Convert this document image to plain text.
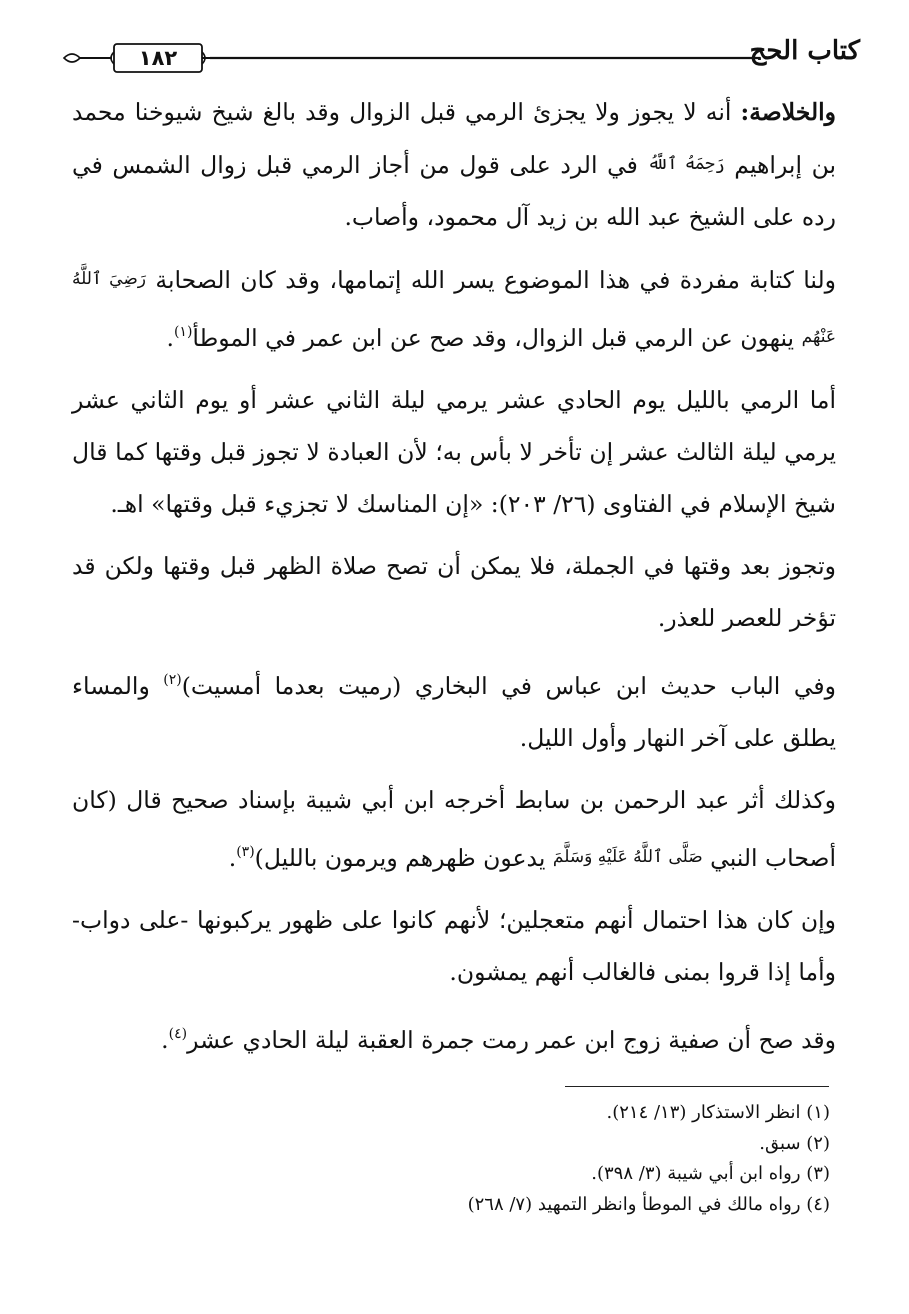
١٨٢	كتاب الحج

والخلاصة: أنه لا يجوز ولا يجزئ الرمي قبل الزوال وقد بالغ شيخ شيوخنا محمد بن إبراهيم رَحِمَهُ ٱللَّهُ في الرد على قول من أجاز الرمي قبل زوال الشمس في رده على الشيخ عبد الله بن زيد آل محمود، وأصاب.

ولنا كتابة مفردة في هذا الموضوع يسر الله إتمامها، وقد كان الصحابة رَضِيَ ٱللَّهُ عَنْهُم ينهون عن الرمي قبل الزوال، وقد صح عن ابن عمر في الموطأ$^{(١)}$.

أما الرمي بالليل يوم الحادي عشر يرمي ليلة الثاني عشر أو يوم الثاني عشر يرمي ليلة الثالث عشر إن تأخر لا بأس به؛ لأن العبادة لا تجوز قبل وقتها كما قال شيخ الإسلام في الفتاوى (٢٦/ ٢٠٣): «إن المناسك لا تجزيء قبل وقتها» اهـ.

وتجوز بعد وقتها في الجملة، فلا يمكن أن تصح صلاة الظهر قبل وقتها ولكن قد تؤخر للعصر للعذر.

وفي الباب حديث ابن عباس في البخاري (رميت بعدما أمسيت)$^{(٢)}$ والمساء يطلق على آخر النهار وأول الليل.

وكذلك أثر عبد الرحمن بن سابط أخرجه ابن أبي شيبة بإسناد صحيح قال (كان أصحاب النبي صَلَّى ٱللَّهُ عَلَيْهِ وَسَلَّمَ يدعون ظهرهم ويرمون بالليل)$^{(٣)}$.

وإن كان هذا احتمال أنهم متعجلين؛ لأنهم كانوا على ظهور يركبونها -على دواب- وأما إذا قروا بمنى فالغالب أنهم يمشون.

وقد صح أن صفية زوج ابن عمر رمت جمرة العقبة ليلة الحادي عشر$^{(٤)}$.

(١) انظر الاستذكار (١٣/ ٢١٤).

(٢) سبق.

(٣) رواه ابن أبي شيبة (٣/ ٣٩٨).

(٤) رواه مالك في الموطأ وانظر التمهيد (٧/ ٢٦٨)
